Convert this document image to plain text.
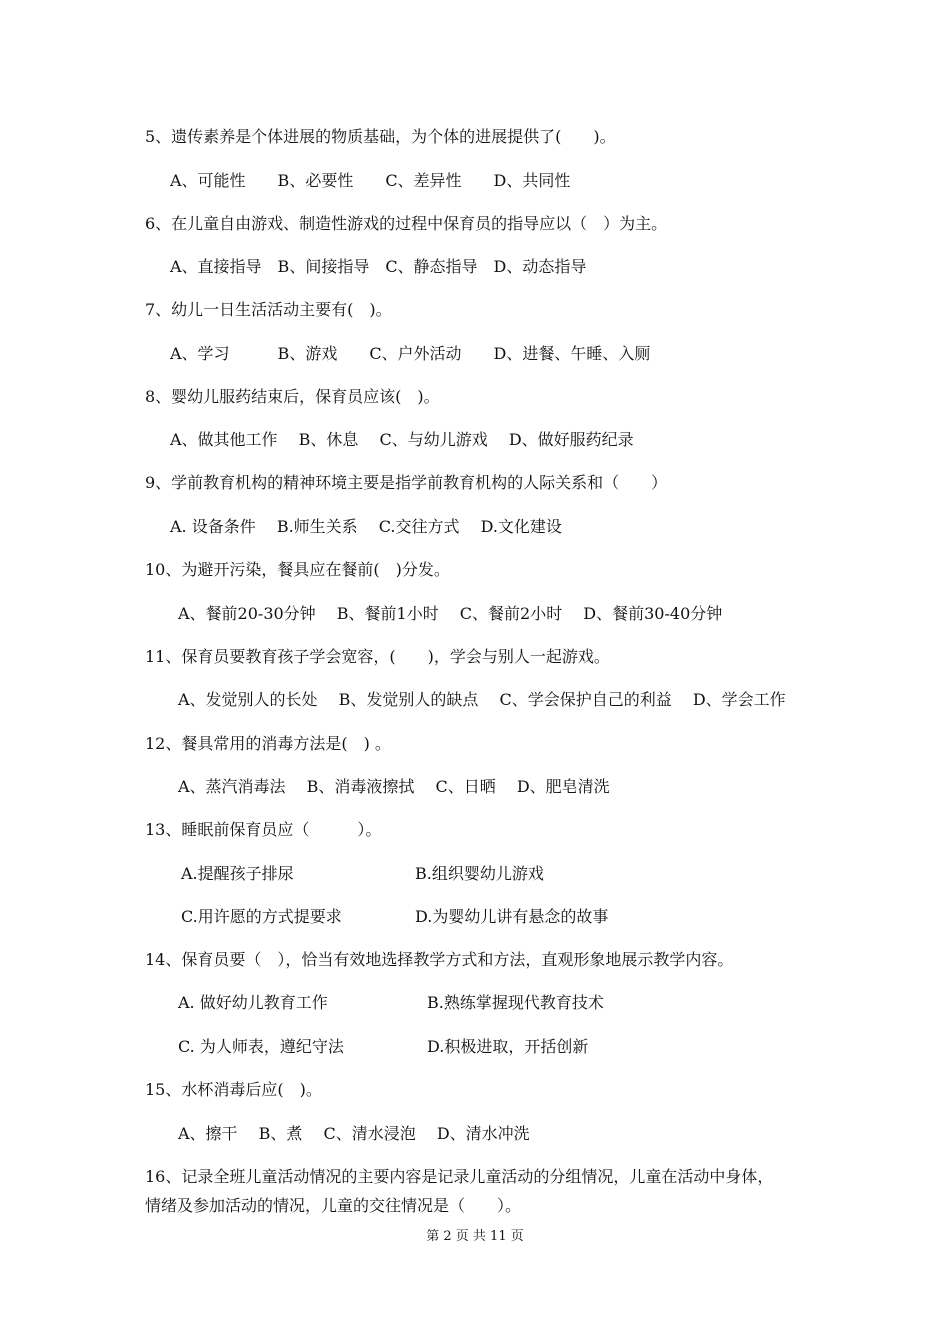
5、遗传素养是个体进展的物质基础，为个体的进展提供了(　　)。
A、可能性　　B、必要性　　C、差异性　　D、共同性
6、在儿童自由游戏、制造性游戏的过程中保育员的指导应以（　）为主。
A、直接指导　B、间接指导　C、静态指导　D、动态指导
7、幼儿一日生活活动主要有(　)。
A、学习　　　B、游戏　　C、户外活动　　D、进餐、午睡、入厕
8、婴幼儿服药结束后，保育员应该(　)。
A、做其他工作　 B、休息　 C、与幼儿游戏　 D、做好服药纪录
9、学前教育机构的精神环境主要是指学前教育机构的人际关系和（　　）
A. 设备条件　 B.师生关系　 C.交往方式　 D.文化建设
10、为避开污染，餐具应在餐前(　)分发。
A、餐前20-30分钟　 B、餐前1小时　 C、餐前2小时　 D、餐前30-40分钟
11、保育员要教育孩子学会宽容，(　　)，学会与别人一起游戏。
A、发觉别人的长处　 B、发觉别人的缺点　 C、学会保护自己的利益　 D、学会工作
12、餐具常用的消毒方法是(　) 。
A、蒸汽消毒法　 B、消毒液擦拭　 C、日晒　 D、肥皂清洗
13、睡眠前保育员应（　　　）。
A.提醒孩子排尿	B.组织婴幼儿游戏
C.用许愿的方式提要求	D.为婴幼儿讲有悬念的故事
14、保育员要（　），恰当有效地选择教学方式和方法，直观形象地展示教学内容。
A. 做好幼儿教育工作	B.熟练掌握现代教育技术
C. 为人师表，遵纪守法	D.积极进取，开括创新
15、水杯消毒后应(　)。
A、擦干　 B、煮　 C、清水浸泡　 D、清水冲洗
16、记录全班儿童活动情况的主要内容是记录儿童活动的分组情况，儿童在活动中身体，
情绪及参加活动的情况，儿童的交往情况是（　　）。
第 2 页 共 11 页
